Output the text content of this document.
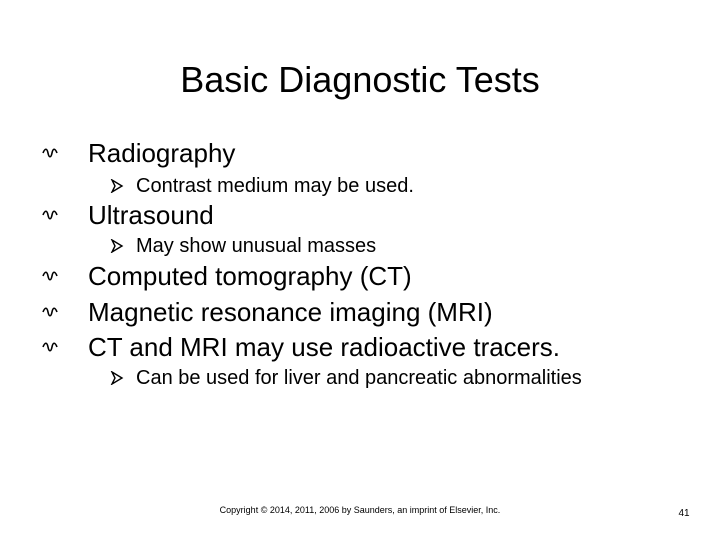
Basic Diagnostic Tests
Radiography
Contrast medium may be used.
Ultrasound
May show unusual masses
Computed tomography (CT)
Magnetic resonance imaging (MRI)
CT and MRI may use radioactive tracers.
Can be used for liver and pancreatic abnormalities
Copyright © 2014, 2011, 2006 by Saunders, an imprint of Elsevier, Inc.	41
